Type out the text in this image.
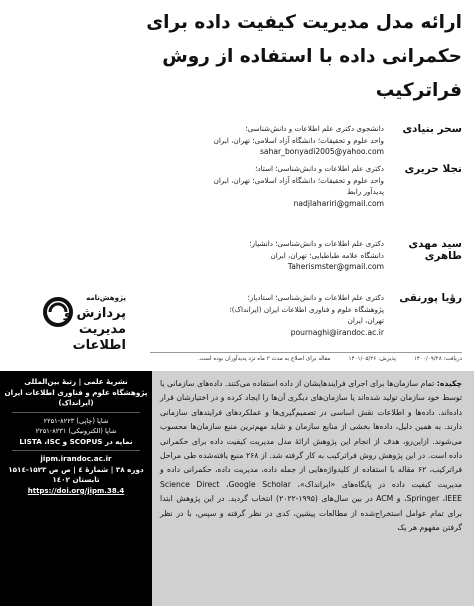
ارائه مدل مدیریت کیفیت داده برای
حکمرانی داده با استفاده از روش
فراترکیب
سحر بنیادی
دانشجوی دکتری علم اطلاعات و دانش‌شناسی؛
واحد علوم و تحقیقات؛ دانشگاه آزاد اسلامی؛ تهران، ایران
sahar_bonyadi2005@yahoo.com
نجلا حریری
دکتری علم اطلاعات و دانش‌شناسی؛ استاد؛
واحد علوم و تحقیقات؛ دانشگاه آزاد اسلامی؛ تهران، ایران
پدیدآور رابط
nadjlahariri@gmail.com
سید مهدی طاهری
دکتری علم اطلاعات و دانش‌شناسی؛ دانشیار؛
دانشگاه علامه طباطبایی؛ تهران، ایران
Taherismster@gmail.com
رؤیا پورنقی
دکتری علم اطلاعات و دانش‌شناسی؛ استادیار؛
پژوهشگاه علوم و فناوری اطلاعات ایران (ایرانداک)؛
تهران، ایران
pournaghi@irandoc.ac.ir
پژوهش‌نامه
پردازش و
مدیریت
اطلاعات
دریافت: ۱۴۰۰/۰۹/۲۸
پذیرش: ۱۴۰۱/۰۵/۲۶
مقاله برای اصلاح به مدت ۳ ماه نزد پدیدآوران بوده است.
نشریۀ علمی | رتبۀ بین‌المللی
پژوهشگاه علوم و فناوری اطلاعات ایران
(ایرانداک)
شاپا (چاپی) ۸۲۲۳-۲۲۵۱
شاپا (الکترونیکی) ۸۲۳۱-۲۲۵۱
نمایه در SCOPUS و LISTA ،ISC
jipm.irandoc.ac.ir
دوره ۳۸ | شمارۀ ٤ | ص ص ۱۵۲۳-۱۵۱٤
تابستان ۱٤۰۲
https://doi.org/jipm.38.4

چکیده: تمام سازمان‌ها برای اجرای فرایندهایشان از داده استفاده می‌کنند. داده‌های سازمانی یا توسط خود سازمان تولید شده‌اند یا سازمان‌های دیگری آن‌ها را ایجاد کرده و در اختیارشان قرار داده‌اند. داده‌ها و اطلاعات نقش اساسی در تصمیم‌گیری‌ها و عملکردهای فرایندهای سازمانی دارند. به همین دلیل، داده‌ها بخشی از منابع سازمان و شاید مهم‌ترین منبع سازمان‌ها محسوب می‌شوند. ازاین‌رو، هدف از انجام این پژوهش ارائۀ مدل مدیریت کیفیت داده برای حکمرانی داده است. در این پژوهش روش فراترکیب به کار گرفته شد. از ۲۶۸ منبع یافته‌شده طی مراحل فراترکیب، ۶۲ مقاله با استفاده از کلیدواژه‌هایی از جمله داده، مدیریت داده، حکمرانی داده و مدیریت کیفیت داده در پایگاه‌های «ایرانداک»، Science Direct ،Google Scholar ،Springer ،IEEE و ACM در بین سال‌های (۱۹۹۵-۲۰۲۲) انتخاب گردید. در این پژوهش ابتدا برای تمام عوامل استخراج‌شده از مطالعات پیشین، کدی در نظر گرفته و سپس، با در نظر گرفتن مفهوم هر یک
